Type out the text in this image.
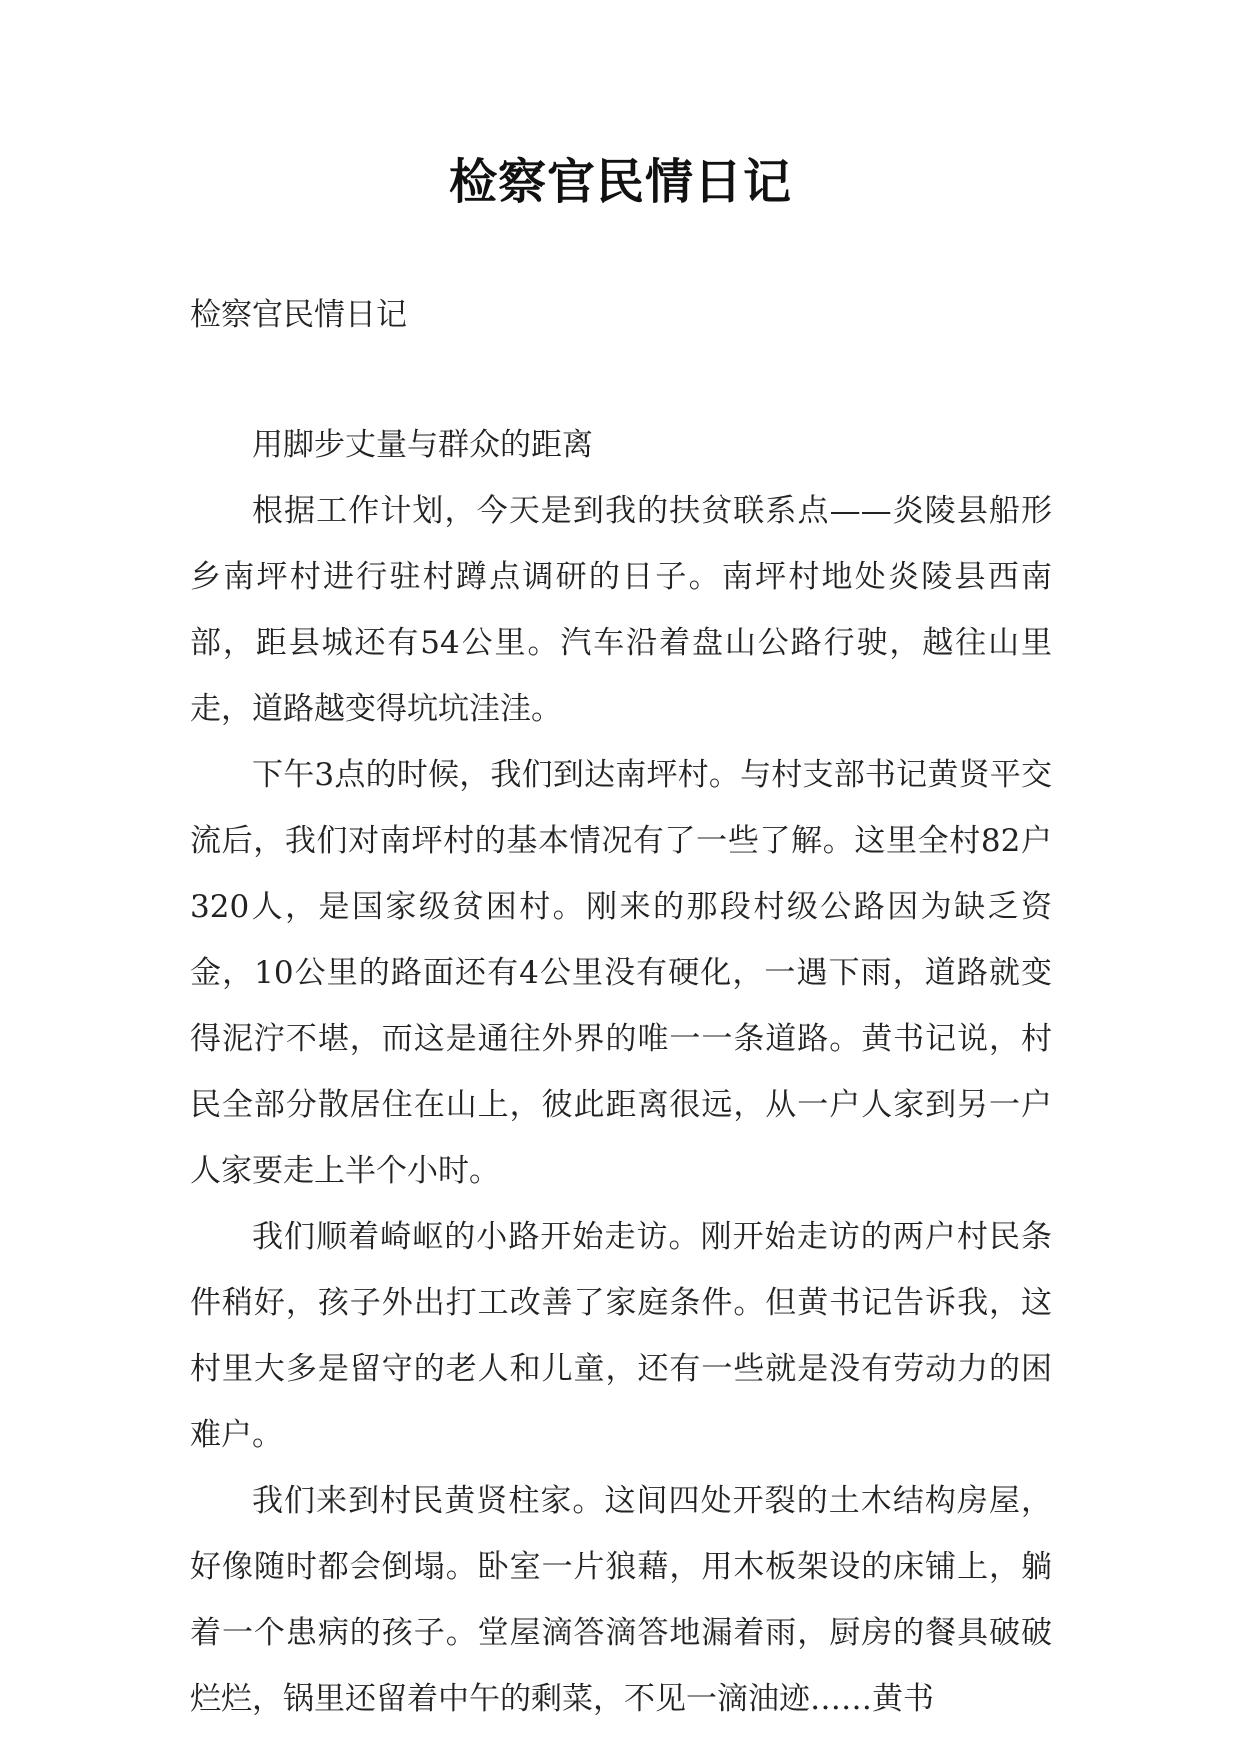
检察官民情日记
检察官民情日记

用脚步丈量与群众的距离

根据工作计划，今天是到我的扶贫联系点——炎陵县船形乡南坪村进行驻村蹲点调研的日子。南坪村地处炎陵县西南部，距县城还有54公里。汽车沿着盘山公路行驶，越往山里走，道路越变得坑坑洼洼。

下午3点的时候，我们到达南坪村。与村支部书记黄贤平交流后，我们对南坪村的基本情况有了一些了解。这里全村82户320人，是国家级贫困村。刚来的那段村级公路因为缺乏资金，10公里的路面还有4公里没有硬化，一遇下雨，道路就变得泥泞不堪，而这是通往外界的唯一一条道路。黄书记说，村民全部分散居住在山上，彼此距离很远，从一户人家到另一户人家要走上半个小时。

我们顺着崎岖的小路开始走访。刚开始走访的两户村民条件稍好，孩子外出打工改善了家庭条件。但黄书记告诉我，这村里大多是留守的老人和儿童，还有一些就是没有劳动力的困难户。

我们来到村民黄贤柱家。这间四处开裂的土木结构房屋，好像随时都会倒塌。卧室一片狼藉，用木板架设的床铺上，躺着一个患病的孩子。堂屋滴答滴答地漏着雨，厨房的餐具破破烂烂，锅里还留着中午的剩菜，不见一滴油迹……黄书
